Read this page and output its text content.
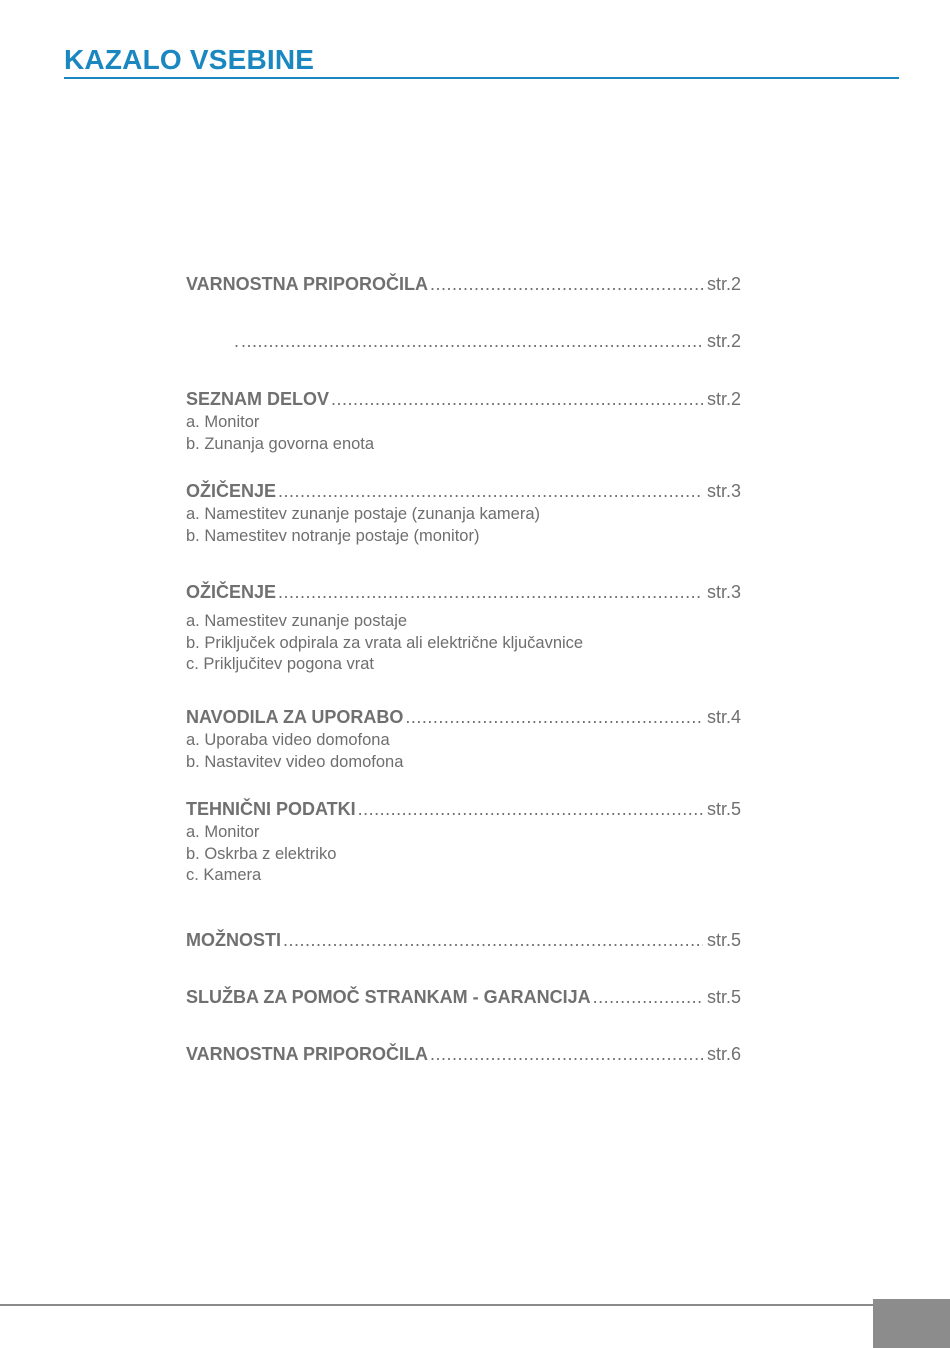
KAZALO VSEBINE
VARNOSTNA PRIPOROČILA .....	str.2
. .....	str.2
SEZNAM DELOV .....	str.2
a. Monitor
b. Zunanja govorna enota
OŽIČENJE .....	str.3
a. Namestitev zunanje postaje (zunanja kamera)
b. Namestitev notranje postaje (monitor)
OŽIČENJE .....	str.3
a. Namestitev zunanje postaje
b. Priključek odpirala za vrata ali električne ključavnice
c. Priključitev pogona vrat
NAVODILA ZA UPORABO .....	str.4
a. Uporaba video domofona
b. Nastavitev video domofona
TEHNIČNI PODATKI .....	str.5
a. Monitor
b. Oskrba z elektriko
c. Kamera
MOŽNOSTI .....	str.5
SLUŽBA ZA POMOČ STRANKAM - GARANCIJA .....	str.5
VARNOSTNA PRIPOROČILA .....	str.6
